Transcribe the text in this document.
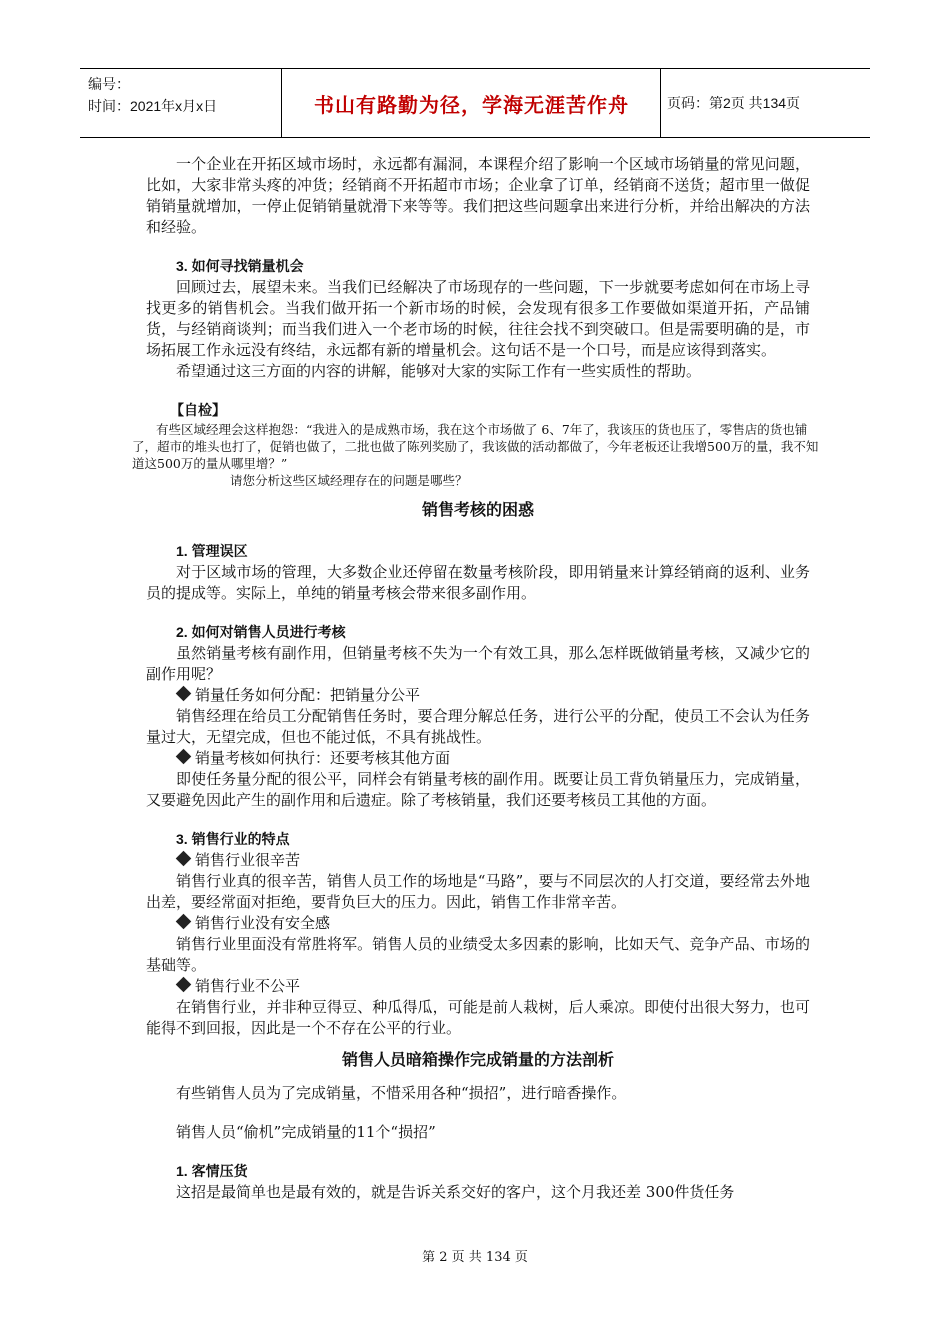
编号：
时间：2021年x月x日	书山有路勤为径，学海无涯苦作舟	页码：第2页 共134页

一个企业在开拓区域市场时，永远都有漏洞，本课程介绍了影响一个区域市场销量的常见问题，比如，大家非常头疼的冲货；经销商不开拓超市市场；企业拿了订单，经销商不送货；超市里一做促销销量就增加，一停止促销销量就滑下来等等。我们把这些问题拿出来进行分析，并给出解决的方法和经验。

3. 如何寻找销量机会

回顾过去，展望未来。当我们已经解决了市场现存的一些问题，下一步就要考虑如何在市场上寻找更多的销售机会。当我们做开拓一个新市场的时候，会发现有很多工作要做如渠道开拓，产品铺货，与经销商谈判；而当我们进入一个老市场的时候，往往会找不到突破口。但是需要明确的是，市场拓展工作永远没有终结，永远都有新的增量机会。这句话不是一个口号，而是应该得到落实。

希望通过这三方面的内容的讲解，能够对大家的实际工作有一些实质性的帮助。

【自检】

有些区域经理会这样抱怨：“我进入的是成熟市场，我在这个市场做了 6、7年了，我该压的货也压了，零售店的货也铺了，超市的堆头也打了，促销也做了，二批也做了陈列奖励了，我该做的活动都做了，今年老板还让我增500万的量，我不知道这500万的量从哪里增？”

请您分析这些区域经理存在的问题是哪些？

销售考核的困惑

1. 管理误区

对于区域市场的管理，大多数企业还停留在数量考核阶段，即用销量来计算经销商的返利、业务员的提成等。实际上，单纯的销量考核会带来很多副作用。

2. 如何对销售人员进行考核

虽然销量考核有副作用，但销量考核不失为一个有效工具，那么怎样既做销量考核，又减少它的副作用呢？

销量任务如何分配：把销量分公平

销售经理在给员工分配销售任务时，要合理分解总任务，进行公平的分配，使员工不会认为任务量过大，无望完成，但也不能过低，不具有挑战性。

销量考核如何执行：还要考核其他方面

即使任务量分配的很公平，同样会有销量考核的副作用。既要让员工背负销量压力，完成销量，又要避免因此产生的副作用和后遗症。除了考核销量，我们还要考核员工其他的方面。

3. 销售行业的特点

销售行业很辛苦

销售行业真的很辛苦，销售人员工作的场地是“马路”，要与不同层次的人打交道，要经常去外地出差，要经常面对拒绝，要背负巨大的压力。因此，销售工作非常辛苦。

销售行业没有安全感

销售行业里面没有常胜将军。销售人员的业绩受太多因素的影响，比如天气、竞争产品、市场的基础等。

销售行业不公平

在销售行业，并非种豆得豆、种瓜得瓜，可能是前人栽树，后人乘凉。即使付出很大努力，也可能得不到回报，因此是一个不存在公平的行业。

销售人员暗箱操作完成销量的方法剖析

有些销售人员为了完成销量，不惜采用各种“损招”，进行暗香操作。

销售人员“偷机”完成销量的11个“损招”

1. 客情压货

这招是最简单也是最有效的，就是告诉关系交好的客户，这个月我还差 300件货任务

第 2 页 共 134 页
